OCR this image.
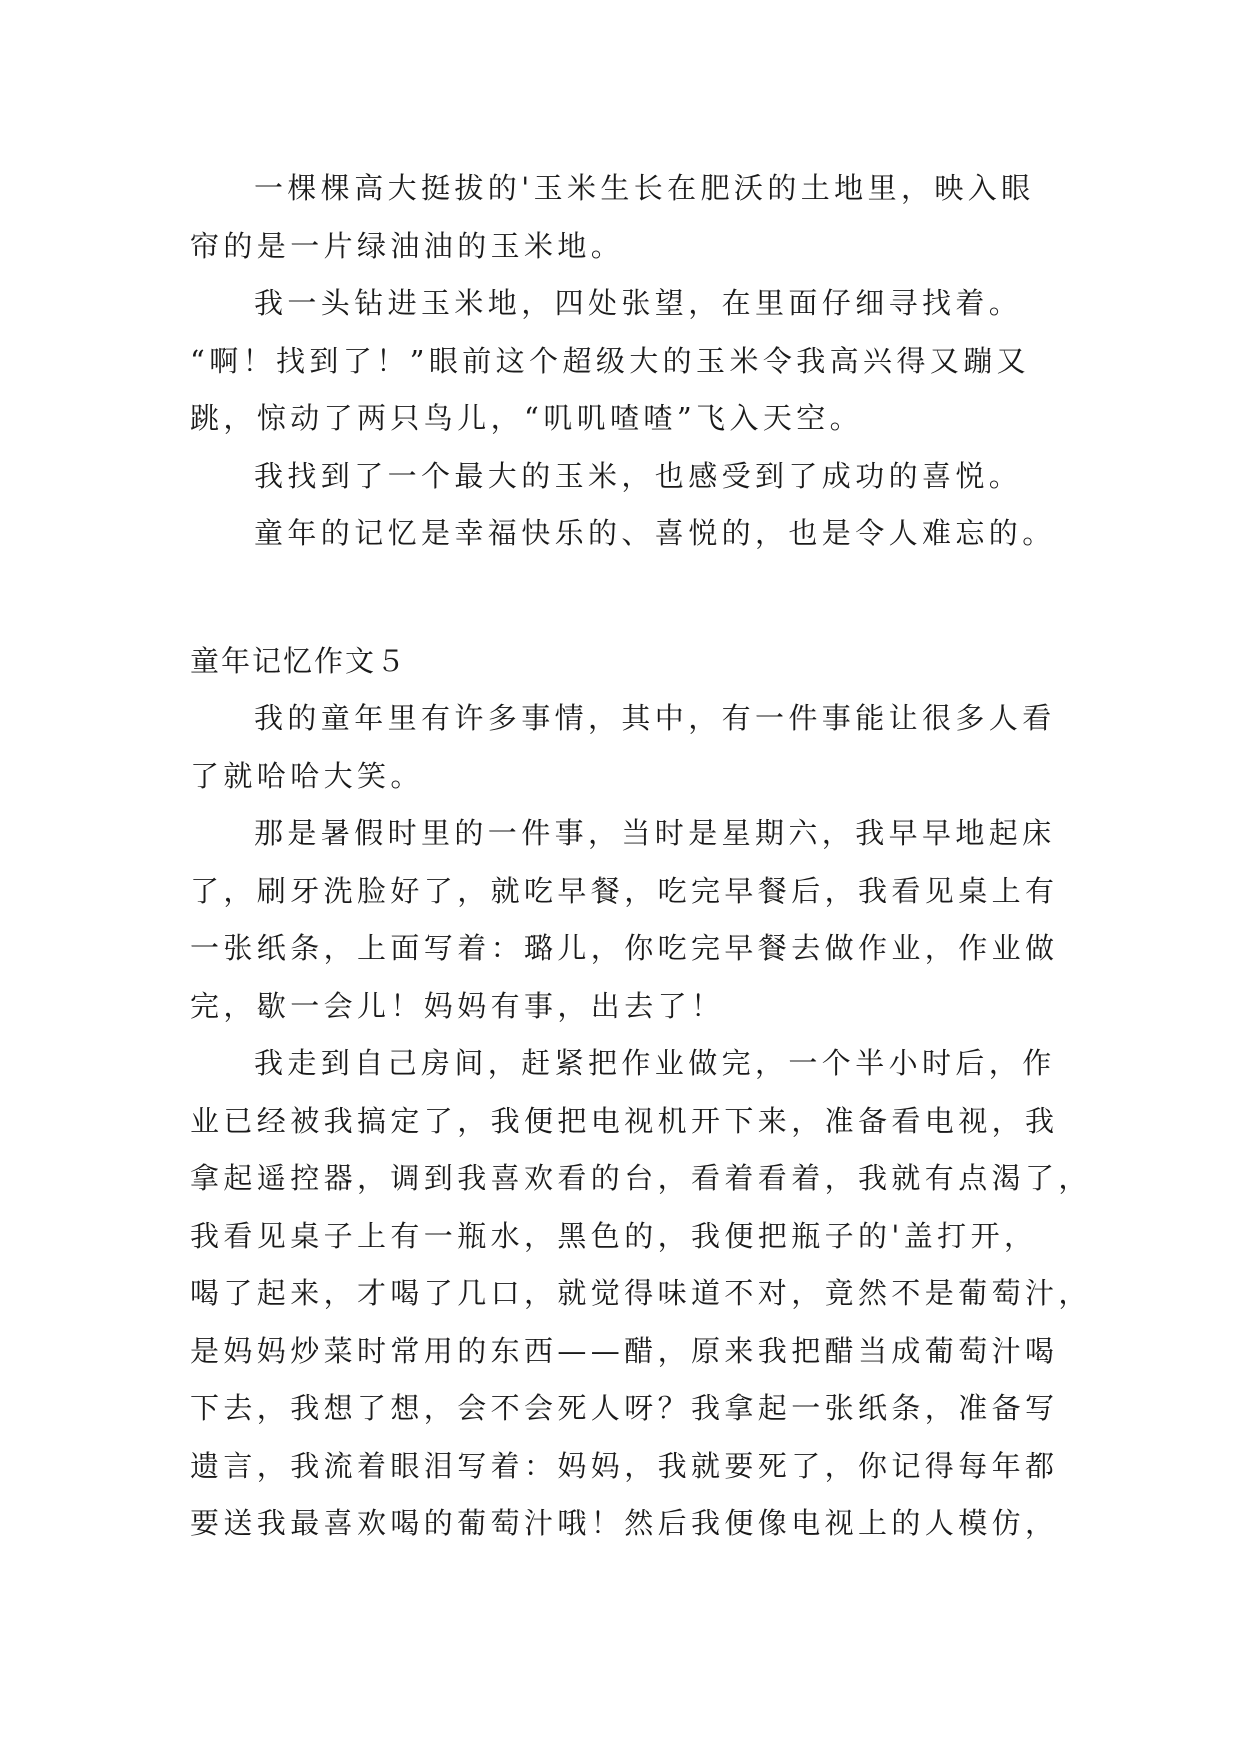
一棵棵高大挺拔的'玉米生长在肥沃的土地里，映入眼
帘的是一片绿油油的玉米地。
我一头钻进玉米地，四处张望，在里面仔细寻找着。
“啊！找到了！”眼前这个超级大的玉米令我高兴得又蹦又
跳，惊动了两只鸟儿，“叽叽喳喳”飞入天空。
我找到了一个最大的玉米，也感受到了成功的喜悦。
童年的记忆是幸福快乐的、喜悦的，也是令人难忘的。
童年记忆作文５
我的童年里有许多事情，其中，有一件事能让很多人看
了就哈哈大笑。
那是暑假时里的一件事，当时是星期六，我早早地起床
了，刷牙洗脸好了，就吃早餐，吃完早餐后，我看见桌上有
一张纸条，上面写着：璐儿，你吃完早餐去做作业，作业做
完，歇一会儿！妈妈有事，出去了！
我走到自己房间，赶紧把作业做完，一个半小时后，作
业已经被我搞定了，我便把电视机开下来，准备看电视，我
拿起遥控器，调到我喜欢看的台，看着看着，我就有点渴了，
我看见桌子上有一瓶水，黑色的，我便把瓶子的'盖打开，
喝了起来，才喝了几口，就觉得味道不对，竟然不是葡萄汁，
是妈妈炒菜时常用的东西——醋，原来我把醋当成葡萄汁喝
下去，我想了想，会不会死人呀？我拿起一张纸条，准备写
遗言，我流着眼泪写着：妈妈，我就要死了，你记得每年都
要送我最喜欢喝的葡萄汁哦！然后我便像电视上的人模仿，
